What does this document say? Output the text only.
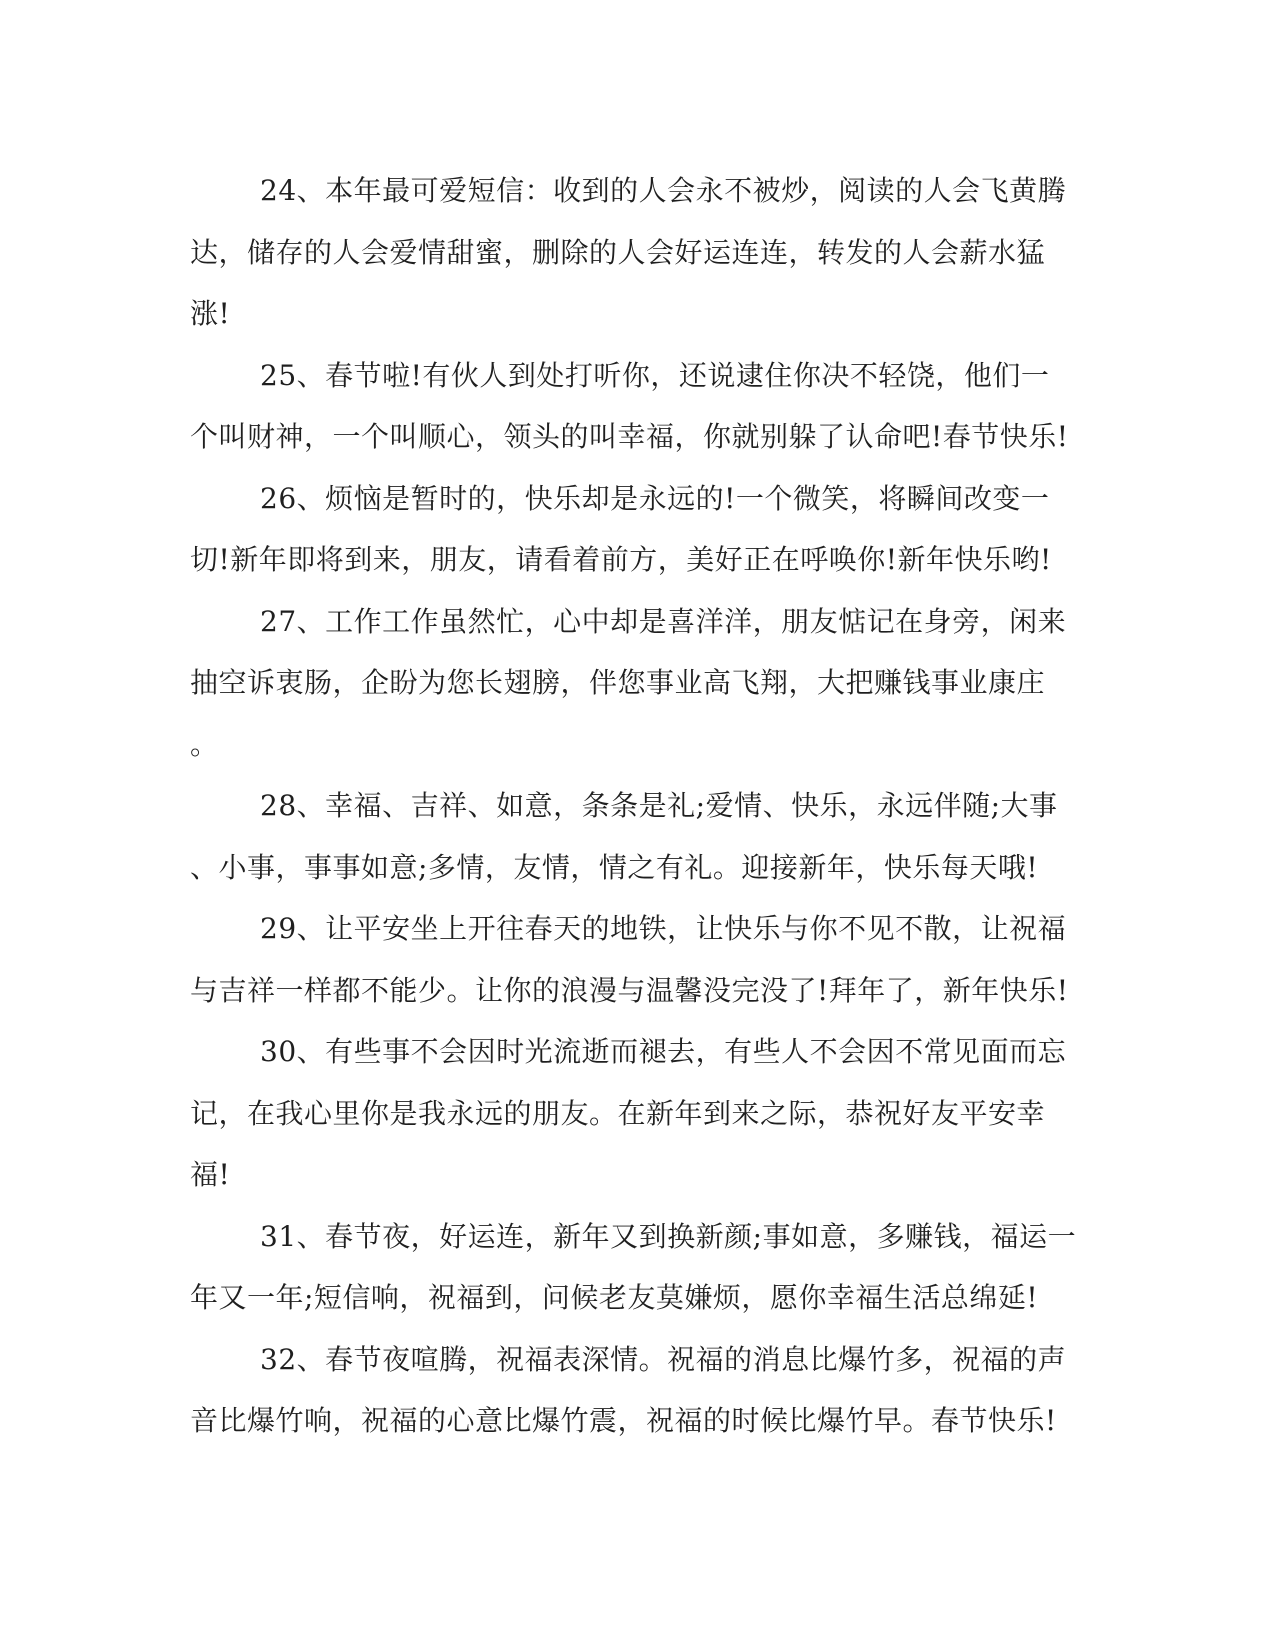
24、本年最可爱短信：收到的人会永不被炒，阅读的人会飞黄腾
达，储存的人会爱情甜蜜，删除的人会好运连连，转发的人会薪水猛
涨!
25、春节啦!有伙人到处打听你，还说逮住你决不轻饶，他们一
个叫财神，一个叫顺心，领头的叫幸福，你就别躲了认命吧!春节快乐!
26、烦恼是暂时的，快乐却是永远的!一个微笑，将瞬间改变一
切!新年即将到来，朋友，请看着前方，美好正在呼唤你!新年快乐哟!
27、工作工作虽然忙，心中却是喜洋洋，朋友惦记在身旁，闲来
抽空诉衷肠，企盼为您长翅膀，伴您事业高飞翔，大把赚钱事业康庄
。
28、幸福、吉祥、如意，条条是礼;爱情、快乐，永远伴随;大事
、小事，事事如意;多情，友情，情之有礼。迎接新年，快乐每天哦!
29、让平安坐上开往春天的地铁，让快乐与你不见不散，让祝福
与吉祥一样都不能少。让你的浪漫与温馨没完没了!拜年了，新年快乐!
30、有些事不会因时光流逝而褪去，有些人不会因不常见面而忘
记，在我心里你是我永远的朋友。在新年到来之际，恭祝好友平安幸
福!
31、春节夜，好运连，新年又到换新颜;事如意，多赚钱，福运一
年又一年;短信响，祝福到，问候老友莫嫌烦，愿你幸福生活总绵延!
32、春节夜喧腾，祝福表深情。祝福的消息比爆竹多，祝福的声
音比爆竹响，祝福的心意比爆竹震，祝福的时候比爆竹早。春节快乐!
